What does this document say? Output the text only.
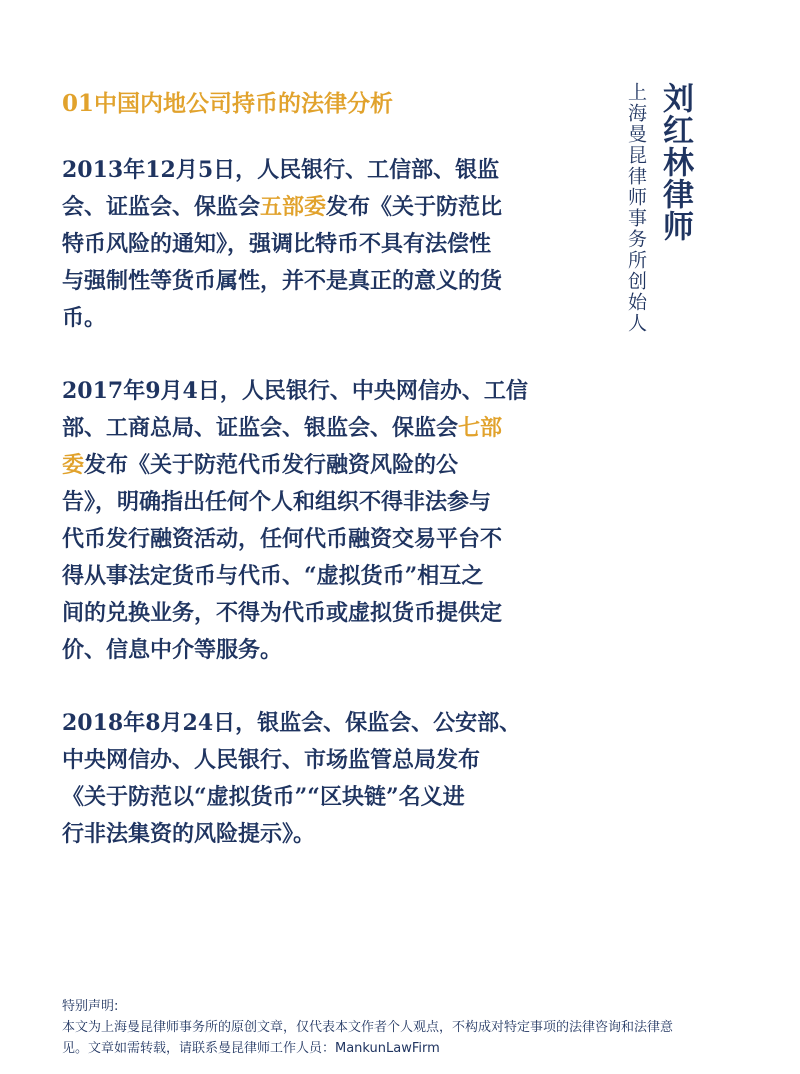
01中国内地公司持币的法律分析
2013年12月5日，人民银行、工信部、银监
会、证监会、保监会五部委发布《关于防范比
特币风险的通知》，强调比特币不具有法偿性
与强制性等货币属性，并不是真正的意义的货
币。
2017年9月4日，人民银行、中央网信办、工信
部、工商总局、证监会、银监会、保监会七部
委发布《关于防范代币发行融资风险的公
告》，明确指出任何个人和组织不得非法参与
代币发行融资活动，任何代币融资交易平台不
得从事法定货币与代币、“虚拟货币”相互之
间的兑换业务，不得为代币或虚拟货币提供定
价、信息中介等服务。
2018年8月24日，银监会、保监会、公安部、
中央网信办、人民银行、市场监管总局发布
《关于防范以“虚拟货币”“区块链”名义进
行非法集资的风险提示》。
刘红林律师
上海曼昆律师事务所创始人
特别声明:
本文为上海曼昆律师事务所的原创文章，仅代表本文作者个人观点，不构成对特定事项的法律咨询和法律意
见。文章如需转载，请联系曼昆律师工作人员：MankunLawFirm
